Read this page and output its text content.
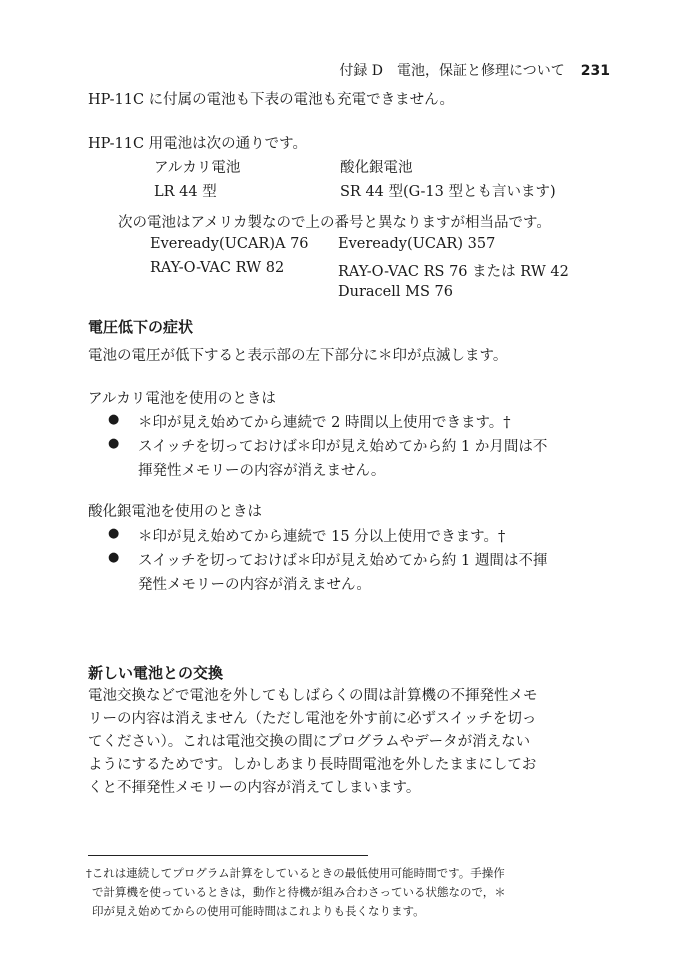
付録 D　電池，保証と修理について 231
HP-11C に付属の電池も下表の電池も充電できません。
HP-11C 用電池は次の通りです。
アルカリ電池	酸化銀電池
LR 44 型	SR 44 型(G-13 型とも言います)
次の電池はアメリカ製なので上の番号と異なりますが相当品です。
Eveready(UCAR)A 76
RAY-O-VAC RW 82
Eveready(UCAR) 357
RAY-O-VAC RS 76 または RW 42
Duracell MS 76
電圧低下の症状
電池の電圧が低下すると表示部の左下部分に＊印が点滅します。
アルカリ電池を使用のときは
● ＊印が見え始めてから連続で 2 時間以上使用できます。†
● スイッチを切っておけば＊印が見え始めてから約 1 か月間は不
揮発性メモリーの内容が消えません。
酸化銀電池を使用のときは
● ＊印が見え始めてから連続で 15 分以上使用できます。†
● スイッチを切っておけば＊印が見え始めてから約 1 週間は不揮
発性メモリーの内容が消えません。
新しい電池との交換
電池交換などで電池を外してもしばらくの間は計算機の不揮発性メモ
リーの内容は消えません（ただし電池を外す前に必ずスイッチを切っ
てください）。これは電池交換の間にプログラムやデータが消えない
ようにするためです。しかしあまり長時間電池を外したままにしてお
くと不揮発性メモリーの内容が消えてしまいます。
†これは連続してプログラム計算をしているときの最低使用可能時間です。手操作
で計算機を使っているときは，動作と待機が組み合わさっている状態なので，＊
印が見え始めてからの使用可能時間はこれよりも長くなります。
